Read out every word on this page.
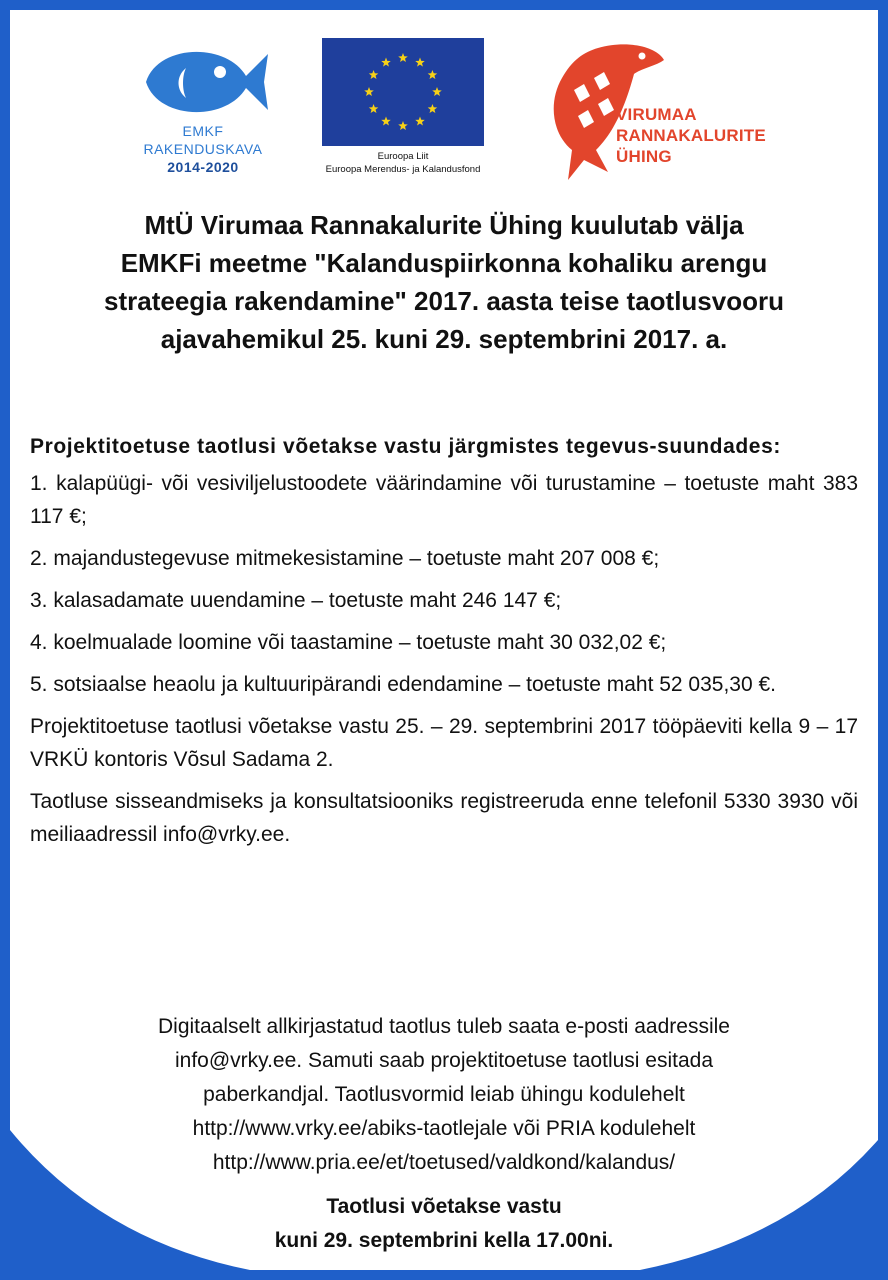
EMKF
RAKENDUSKAVA
2014-2020
Euroopa Liit
Euroopa Merendus- ja Kalandusfond
VIRUMAA
RANNAKALURITE
ÜHING
MtÜ Virumaa Rannakalurite Ühing kuulutab välja
EMKFi meetme "Kalanduspiirkonna kohaliku arengu
strateegia rakendamine" 2017. aasta teise taotlusvooru
ajavahemikul 25. kuni 29. septembrini 2017. a.

Projektitoetuse taotlusi võetakse vastu järgmistes tegevus-suundades:

1. kalapüügi- või vesiviljelustoodete väärindamine või turustamine – toetuste maht 383 117 €;

2. majandustegevuse mitmekesistamine – toetuste maht 207 008 €;

3. kalasadamate uuendamine – toetuste maht 246 147 €;

4. koelmualade loomine või taastamine – toetuste maht 30 032,02 €;

5. sotsiaalse heaolu ja kultuuripärandi edendamine – toetuste maht 52 035,30 €.

Projektitoetuse taotlusi võetakse vastu 25. – 29. septembrini 2017 tööpäeviti kella 9 – 17 VRKÜ kontoris Võsul Sadama 2.

Taotluse sisseandmiseks ja konsultatsiooniks registreeruda enne telefonil 5330 3930 või meiliaadressil info@vrky.ee.

Digitaalselt allkirjastatud taotlus tuleb saata e-posti aadressile
info@vrky.ee. Samuti saab projektitoetuse taotlusi esitada
paberkandjal. Taotlusvormid leiab ühingu kodulehelt
http://www.vrky.ee/abiks-taotlejale või PRIA kodulehelt
http://www.pria.ee/et/toetused/valdkond/kalandus/
Taotlusi võetakse vastu
kuni 29. septembrini kella 17.00ni.
